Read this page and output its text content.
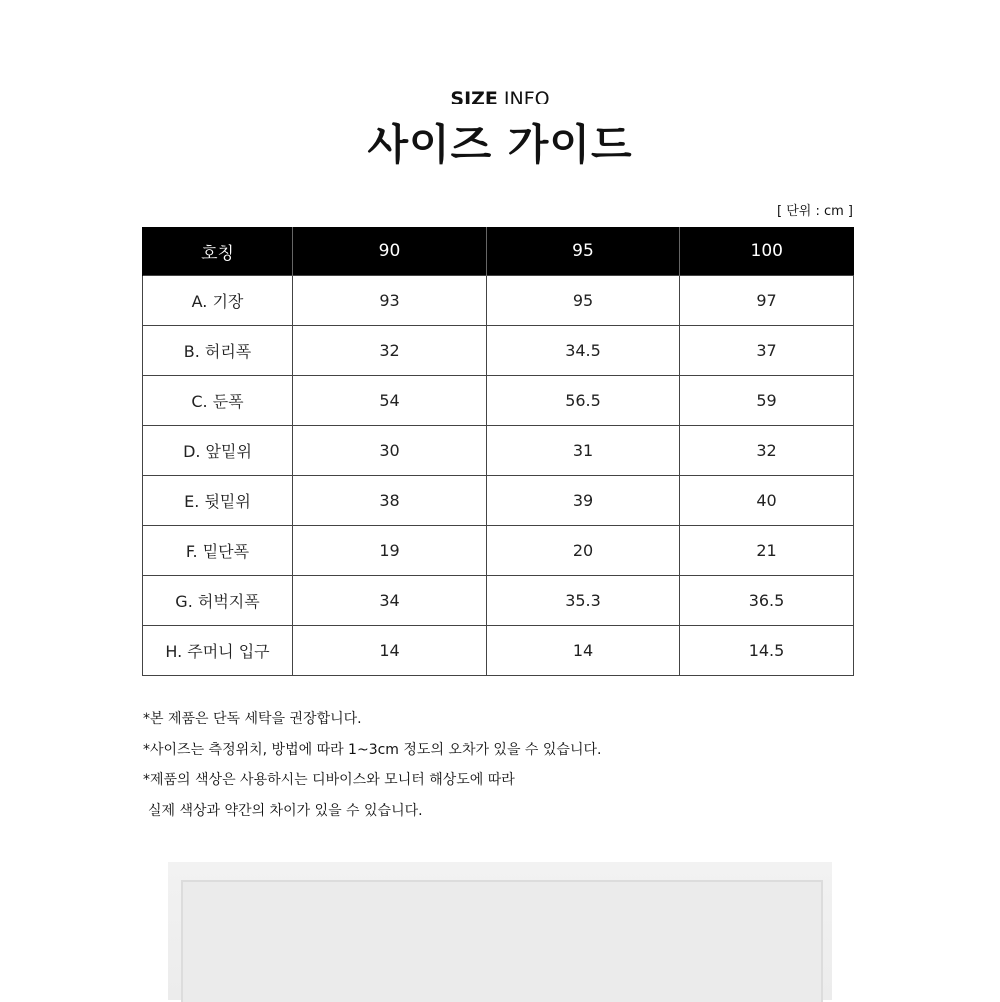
SIZE INFO
사이즈 가이드
[ 단위 : cm ]
호칭	90	95	100
A. 기장	93	95	97
B. 허리폭	32	34.5	37
C. 둔폭	54	56.5	59
D. 앞밑위	30	31	32
E. 뒷밑위	38	39	40
F. 밑단폭	19	20	21
G. 허벅지폭	34	35.3	36.5
H. 주머니 입구	14	14	14.5
*본 제품은 단독 세탁을 권장합니다.
*사이즈는 측정위치, 방법에 따라 1~3cm 정도의 오차가 있을 수 있습니다.
*제품의 색상은 사용하시는 디바이스와 모니터 해상도에 따라
실제 색상과 약간의 차이가 있을 수 있습니다.
